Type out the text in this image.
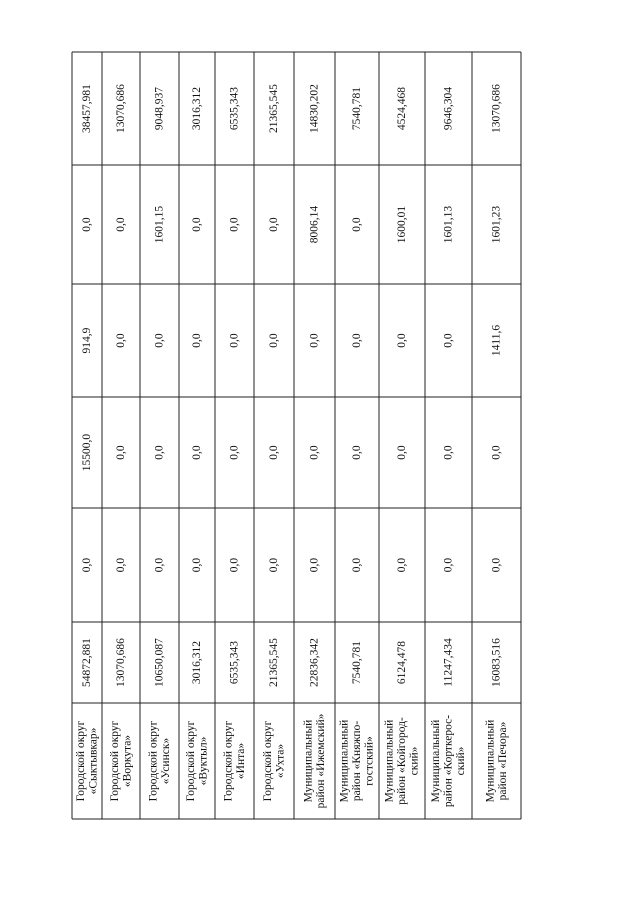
Городской округ «Сыктывкар»
54872,881
0,0
15500,0
914,9
0,0
38457,981
Городской округ «Воркута»
13070,686
0,0
0,0
0,0
0,0
13070,686
Городской округ «Усинск»
10650,087
0,0
0,0
0,0
1601,15
9048,937
Городской округ «Вуктыл»
3016,312
0,0
0,0
0,0
0,0
3016,312
Городской округ «Инта»
6535,343
0,0
0,0
0,0
0,0
6535,343
Городской округ «Ухта»
21365,545
0,0
0,0
0,0
0,0
21365,545
Муниципальный район «Ижемский»
22836,342
0,0
0,0
0,0
8006,14
14830,202
Муниципальный район «Княжпо- гостский»
7540,781
0,0
0,0
0,0
0,0
7540,781
Муниципальный район «Койгород- ский»
6124,478
0,0
0,0
0,0
1600,01
4524,468
Муниципальный район «Корткерос- ский»
11247,434
0,0
0,0
0,0
1601,13
9646,304
Муниципальный район «Печора»
16083,516
0,0
0,0
1411,6
1601,23
13070,686
